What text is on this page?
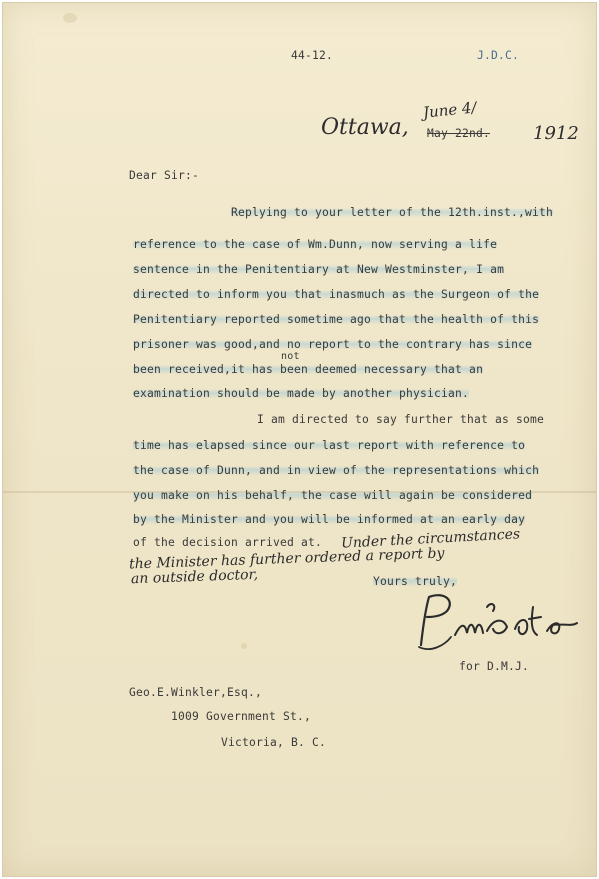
44-12.	J.D.C.
Ottawa,
June 4/
May 22nd. 1912
Dear Sir:-
Replying to your letter of the 12th.inst.,with
reference to the case of Wm.Dunn, now serving a life
sentence in the Penitentiary at New Westminster, I am
directed to inform you that inasmuch as the Surgeon of the
Penitentiary reported sometime ago that the health of this
prisoner was good,and no report to the contrary has since
not
been received,it has been deemed necessary that an
examination should be made by another physician.
I am directed to say further that as some
time has elapsed since our last report with reference to
the case of Dunn, and in view of the representations which
you make on his behalf, the case will again be considered
by the Minister and you will be informed at an early day
of the decision arrived at. Under the circumstances
the Minister has further ordered a report by
an outside doctor,	Yours truly,
for D.M.J.
Geo.E.Winkler,Esq.,
1009 Government St.,
Victoria, B. C.
